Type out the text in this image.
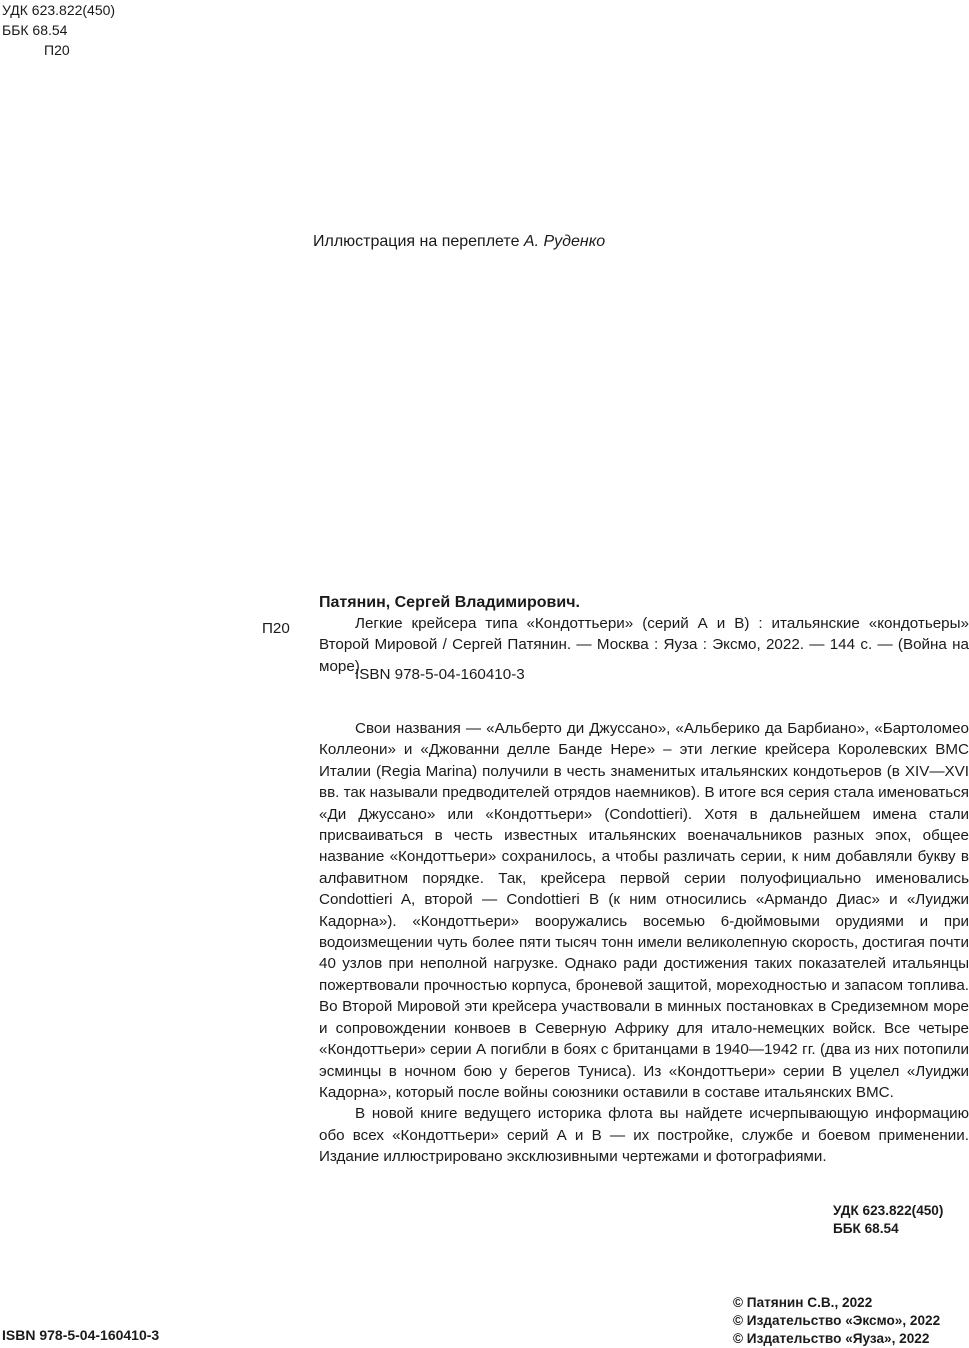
УДК 623.822(450)
ББК 68.54
П20
Иллюстрация на переплете А. Руденко
П20
Патянин, Сергей Владимирович.

Легкие крейсера типа «Кондоттьери» (серий А и В) : итальянские «кондотьеры» Второй Мировой / Сергей Патянин. — Москва : Яуза : Эксмо, 2022. — 144 с. — (Война на море).

ISBN 978-5-04-160410-3

Свои названия — «Альберто ди Джуссано», «Альберико да Барбиано», «Бартоломео Коллеони» и «Джованни делле Банде Нере» – эти легкие крейсера Королевских ВМС Италии (Regia Marina) получили в честь знаменитых итальянских кондотьеров (в XIV—XVI вв. так называли предводителей отрядов наемников). В итоге вся серия стала именоваться «Ди Джуссано» или «Кондоттьери» (Condottieri). Хотя в дальнейшем имена стали присваиваться в честь известных итальянских военачальников разных эпох, общее название «Кондоттьери» сохранилось, а чтобы различать серии, к ним добавляли букву в алфавитном порядке. Так, крейсера первой серии полуофициально именовались Condottieri A, второй — Condottieri B (к ним относились «Армандо Диас» и «Луиджи Кадорна»). «Кондоттьери» вооружались восемью 6-дюймовыми орудиями и при водоизмещении чуть более пяти тысяч тонн имели великолепную скорость, достигая почти 40 узлов при неполной нагрузке. Однако ради достижения таких показателей итальянцы пожертвовали прочностью корпуса, броневой защитой, мореходностью и запасом топлива. Во Второй Мировой эти крейсера участвовали в минных постановках в Средиземном море и сопровождении конвоев в Северную Африку для итало-немецких войск. Все четыре «Кондоттьери» серии А погибли в боях с британцами в 1940—1942 гг. (два из них потопили эсминцы в ночном бою у берегов Туниса). Из «Кондоттьери» серии В уцелел «Луиджи Кадорна», который после войны союзники оставили в составе итальянских ВМС.

В новой книге ведущего историка флота вы найдете исчерпывающую информацию обо всех «Кондоттьери» серий А и В — их постройке, службе и боевом применении. Издание иллюстрировано эксклюзивными чертежами и фотографиями.

УДК 623.822(450)
ББК 68.54
© Патянин С.В., 2022
© Издательство «Эксмо», 2022
© Издательство «Яуза», 2022
ISBN 978-5-04-160410-3
